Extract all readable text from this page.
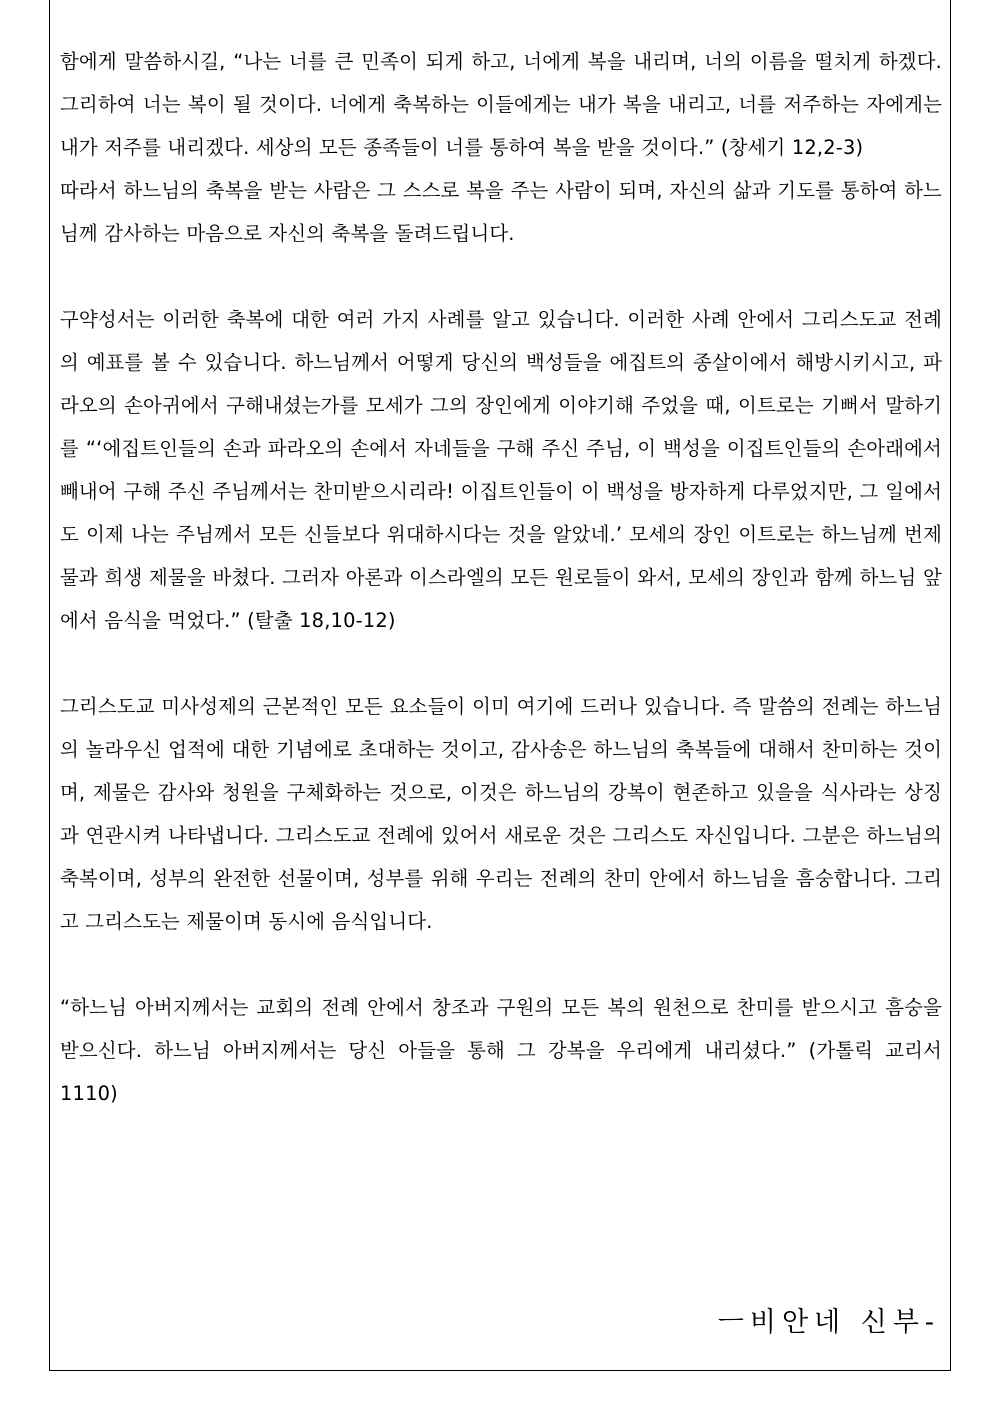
함에게 말씀하시길, “나는 너를 큰 민족이 되게 하고, 너에게 복을 내리며, 너의 이름을 떨치게 하겠다. 그리하여 너는 복이 될 것이다. 너에게 축복하는 이들에게는 내가 복을 내리고, 너를 저주하는 자에게는 내가 저주를 내리겠다. 세상의 모든 종족들이 너를 통하여 복을 받을 것이다.” (창세기 12,2-3)

따라서 하느님의 축복을 받는 사람은 그 스스로 복을 주는 사람이 되며, 자신의 삶과 기도를 통하여 하느님께 감사하는 마음으로 자신의 축복을 돌려드립니다.

구약성서는 이러한 축복에 대한 여러 가지 사례를 알고 있습니다. 이러한 사례 안에서 그리스도교 전례의 예표를 볼 수 있습니다. 하느님께서 어떻게 당신의 백성들을 에집트의 종살이에서 해방시키시고, 파라오의 손아귀에서 구해내셨는가를 모세가 그의 장인에게 이야기해 주었을 때, 이트로는 기뻐서 말하기를 “‘에집트인들의 손과 파라오의 손에서 자네들을 구해 주신 주님, 이 백성을 이집트인들의 손아래에서 빼내어 구해 주신 주님께서는 찬미받으시리라! 이집트인들이 이 백성을 방자하게 다루었지만, 그 일에서도 이제 나는 주님께서 모든 신들보다 위대하시다는 것을 알았네.’ 모세의 장인 이트로는 하느님께 번제물과 희생 제물을 바쳤다. 그러자 아론과 이스라엘의 모든 원로들이 와서, 모세의 장인과 함께 하느님 앞에서 음식을 먹었다.” (탈출 18,10-12)

그리스도교 미사성제의 근본적인 모든 요소들이 이미 여기에 드러나 있습니다. 즉 말씀의 전례는 하느님의 놀라우신 업적에 대한 기념에로 초대하는 것이고, 감사송은 하느님의 축복들에 대해서 찬미하는 것이며, 제물은 감사와 청원을 구체화하는 것으로, 이것은 하느님의 강복이 현존하고 있을을 식사라는 상징과 연관시켜 나타냅니다. 그리스도교 전례에 있어서 새로운 것은 그리스도 자신입니다. 그분은 하느님의 축복이며, 성부의 완전한 선물이며, 성부를 위해 우리는 전례의 찬미 안에서 하느님을 흠숭합니다. 그리고 그리스도는 제물이며 동시에 음식입니다.

“하느님 아버지께서는 교회의 전례 안에서 창조과 구원의 모든 복의 원천으로 찬미를 받으시고 흠숭을 받으신다. 하느님 아버지께서는 당신 아들을 통해 그 강복을 우리에게 내리셨다.” (가톨릭 교리서 1110)

ㅡ비안네 신부-
